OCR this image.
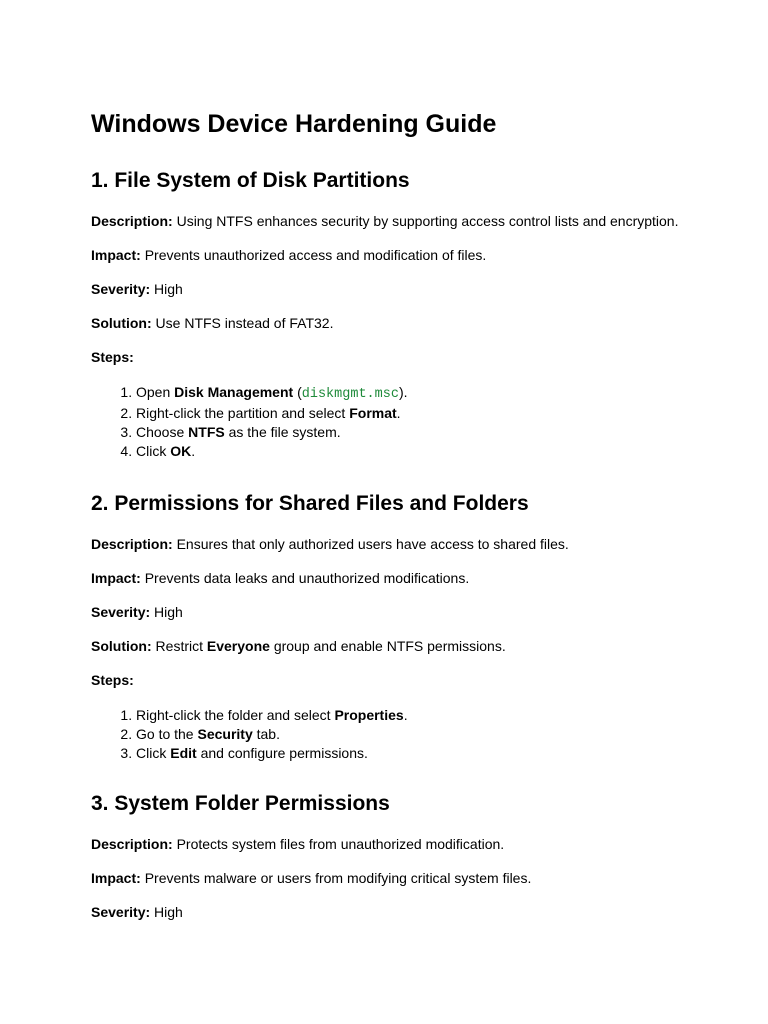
Windows Device Hardening Guide
1. File System of Disk Partitions

Description: Using NTFS enhances security by supporting access control lists and encryption.

Impact: Prevents unauthorized access and modification of files.

Severity: High

Solution: Use NTFS instead of FAT32.

Steps:

1. Open Disk Management (diskmgmt.msc).
2. Right-click the partition and select Format.
3. Choose NTFS as the file system.
4. Click OK.
2. Permissions for Shared Files and Folders

Description: Ensures that only authorized users have access to shared files.

Impact: Prevents data leaks and unauthorized modifications.

Severity: High

Solution: Restrict Everyone group and enable NTFS permissions.

Steps:

1. Right-click the folder and select Properties.
2. Go to the Security tab.
3. Click Edit and configure permissions.
3. System Folder Permissions

Description: Protects system files from unauthorized modification.

Impact: Prevents malware or users from modifying critical system files.

Severity: High
